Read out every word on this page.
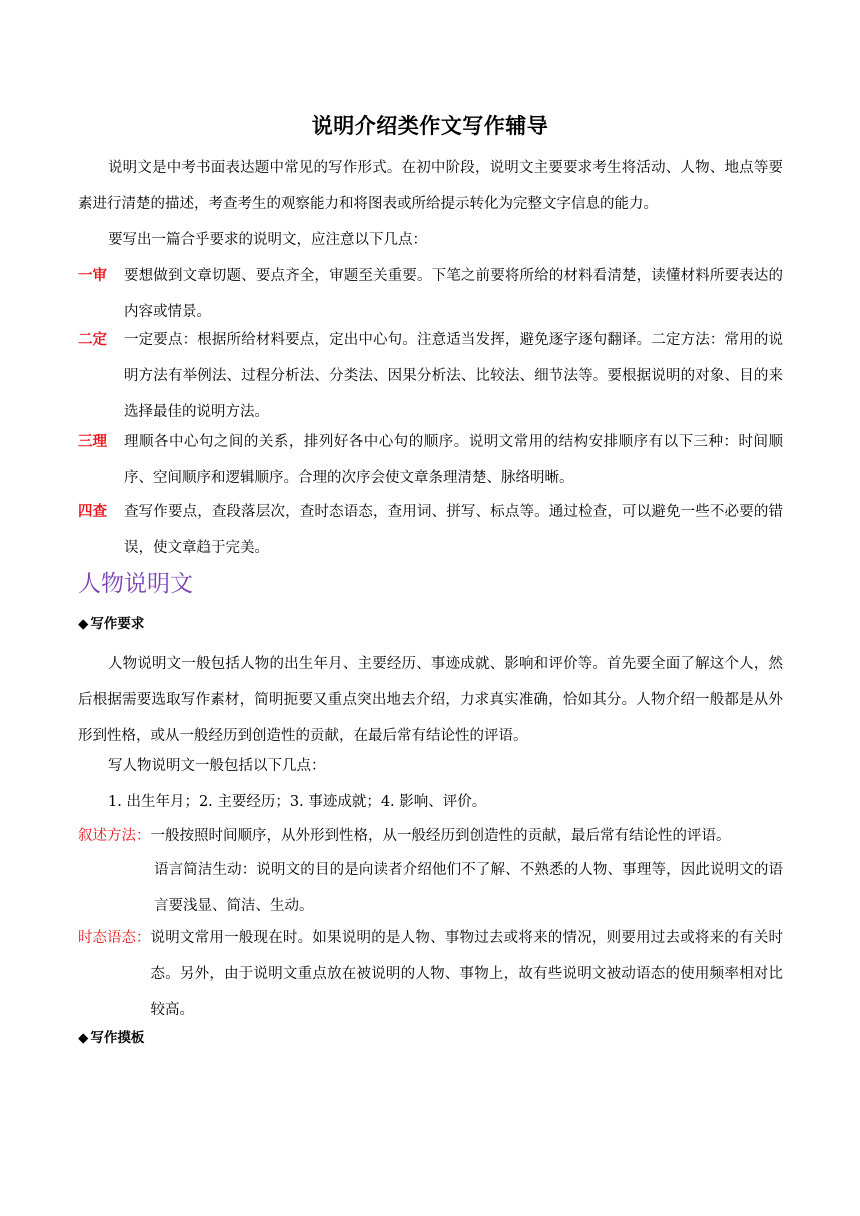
说明介绍类作文写作辅导
说明文是中考书面表达题中常见的写作形式。在初中阶段，说明文主要要求考生将活动、人物、地点等要素进行清楚的描述，考查考生的观察能力和将图表或所给提示转化为完整文字信息的能力。
要写出一篇合乎要求的说明文，应注意以下几点：
一审	要想做到文章切题、要点齐全，审题至关重要。下笔之前要将所给的材料看清楚，读懂材料所要表达的内容或情景。
二定	一定要点：根据所给材料要点，定出中心句。注意适当发挥，避免逐字逐句翻译。二定方法：常用的说明方法有举例法、过程分析法、分类法、因果分析法、比较法、细节法等。要根据说明的对象、目的来选择最佳的说明方法。
三理	理顺各中心句之间的关系，排列好各中心句的顺序。说明文常用的结构安排顺序有以下三种：时间顺序、空间顺序和逻辑顺序。合理的次序会使文章条理清楚、脉络明晰。
四查	查写作要点，查段落层次，查时态语态，查用词、拼写、标点等。通过检查，可以避免一些不必要的错误，使文章趋于完美。
人物说明文
◆ 写作要求
人物说明文一般包括人物的出生年月、主要经历、事迹成就、影响和评价等。首先要全面了解这个人，然后根据需要选取写作素材，简明扼要又重点突出地去介绍，力求真实准确，恰如其分。人物介绍一般都是从外形到性格，或从一般经历到创造性的贡献，在最后常有结论性的评语。
写人物说明文一般包括以下几点：
1. 出生年月；2. 主要经历；3. 事迹成就；4. 影响、评价。
叙述方法： 一般按照时间顺序，从外形到性格，从一般经历到创造性的贡献，最后常有结论性的评语。
语言简洁生动：说明文的目的是向读者介绍他们不了解、不熟悉的人物、事理等，因此说明文的语言要浅显、简洁、生动。
时态语态： 说明文常用一般现在时。如果说明的是人物、事物过去或将来的情况，则要用过去或将来的有关时态。另外，由于说明文重点放在被说明的人物、事物上，故有些说明文被动语态的使用频率相对比较高。
◆ 写作摸板
